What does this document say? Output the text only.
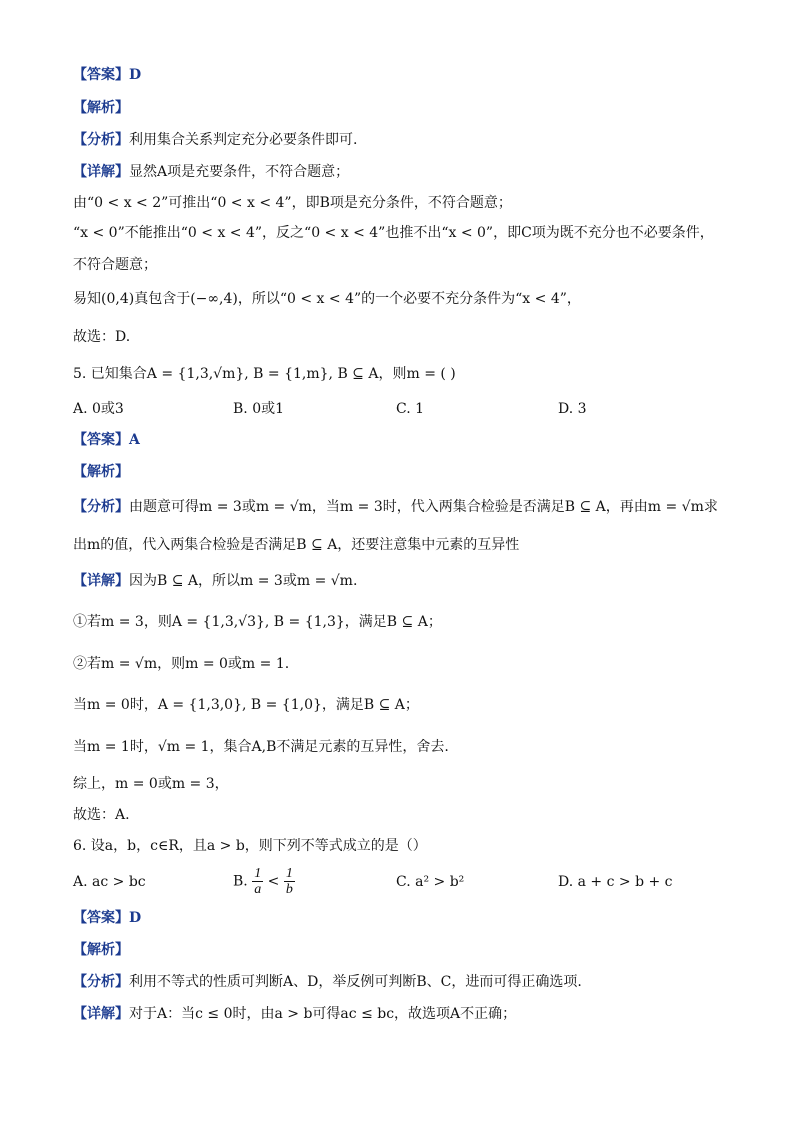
【答案】D
【解析】
【分析】利用集合关系判定充分必要条件即可.
【详解】显然A项是充要条件，不符合题意；
由“0 < x < 2”可推出“0 < x < 4”，即B项是充分条件，不符合题意；
“x < 0”不能推出“0 < x < 4”，反之“0 < x < 4”也推不出“x < 0”，即C项为既不充分也不必要条件，
不符合题意；
易知(0,4)真包含于(−∞,4)，所以“0 < x < 4”的一个必要不充分条件为“x < 4”，
故选：D.
5. 已知集合A = {1,3,√m}, B = {1,m}, B ⊆ A，则m = ( )
A. 0或3	B. 0或1	C. 1	D. 3
【答案】A
【解析】
【分析】由题意可得m = 3或m = √m，当m = 3时，代入两集合检验是否满足B ⊆ A，再由m = √m求
出m的值，代入两集合检验是否满足B ⊆ A，还要注意集中元素的互异性
【详解】因为B ⊆ A，所以m = 3或m = √m.
①若m = 3，则A = {1,3,√3}, B = {1,3}，满足B ⊆ A；
②若m = √m，则m = 0或m = 1.
当m = 0时，A = {1,3,0}, B = {1,0}，满足B ⊆ A；
当m = 1时，√m = 1，集合A,B不满足元素的互异性，舍去.
综上，m = 0或m = 3，
故选：A.
6. 设a，b，c∈R，且a > b，则下列不等式成立的是（）
A. ac > bc	B. $\frac{1}{a} < \frac{1}{b}$	C. a² > b²	D. a + c > b + c
【答案】D
【解析】
【分析】利用不等式的性质可判断A、D，举反例可判断B、C，进而可得正确选项.
【详解】对于A：当c ≤ 0时，由a > b可得ac ≤ bc，故选项A不正确；
